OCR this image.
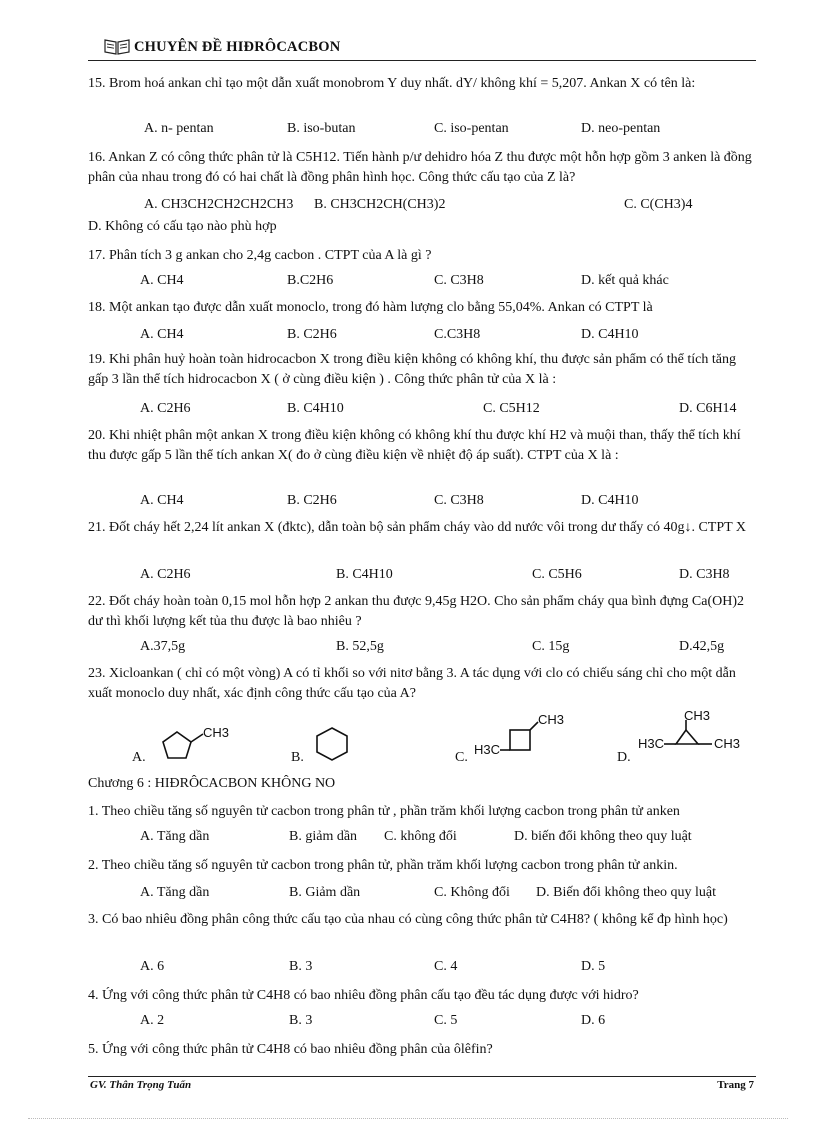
CHUYÊN ĐỀ HIĐRÔCACBON
15. Brom hoá ankan chỉ tạo một dẫn xuất monobrom Y duy nhất. dY/ không khí = 5,207. Ankan X có tên là:
A. n- pentan	B. iso-butan	C. iso-pentan	D. neo-pentan
16. Ankan Z có công thức phân tử là C5H12. Tiến hành p/ư dehidro hóa Z thu được một hỗn hợp gồm 3 anken là đồng phân của nhau trong đó có hai chất là đồng phân hình học. Công thức cấu tạo của Z là?
A. CH3CH2CH2CH2CH3 B. CH3CH2CH(CH3)2	C. C(CH3)4
D. Không có cấu tạo nào phù hợp
17. Phân tích 3 g ankan cho 2,4g cacbon . CTPT của A là gì ?
A. CH4	B.C2H6	C. C3H8	D. kết quả khác
18. Một ankan tạo được dẫn xuất monoclo, trong đó hàm lượng clo bằng 55,04%. Ankan có CTPT là
A. CH4	B. C2H6	C.C3H8	D. C4H10
19. Khi phân huỷ hoàn toàn hidrocacbon X trong điều kiện không có không khí, thu được sản phẩm có thể tích tăng gấp 3 lần thể tích hidrocacbon X ( ở cùng điều kiện ) . Công thức phân tử của X là :
A. C2H6	B. C4H10	C. C5H12	D. C6H14
20. Khi nhiệt phân một ankan X trong điều kiện không có không khí thu được khí H2 và muội than, thấy thể tích khí thu được gấp 5 lần thể tích ankan X( đo ở cùng điều kiện về nhiệt độ áp suất). CTPT của X là :
A. CH4	B. C2H6	C. C3H8	D. C4H10
21. Đốt cháy hết 2,24 lít ankan X (đktc), dẫn toàn bộ sản phẩm cháy vào dd nước vôi trong dư thấy có 40g↓. CTPT X
A. C2H6	B. C4H10	C. C5H6	D. C3H8
22. Đốt cháy hoàn toàn 0,15 mol hỗn hợp 2 ankan thu được 9,45g H2O. Cho sản phẩm cháy qua bình đựng Ca(OH)2 dư thì khối lượng kết tủa thu được là bao nhiêu ?
A.37,5g	B. 52,5g	C. 15g	D.42,5g
23. Xicloankan ( chỉ có một vòng) A có tỉ khối so với nitơ bằng 3. A tác dụng với clo có chiếu sáng chỉ cho một dẫn xuất monoclo duy nhất, xác định công thức cấu tạo của A?
A.
CH3
B.	C.
CH3
H3C
D.
CH3
H3C	CH3
Chương 6 : HIĐRÔCACBON KHÔNG NO
1. Theo chiều tăng số nguyên tử cacbon trong phân tử , phần trăm khối lượng cacbon trong phân tử anken
A. Tăng dần	B. giảm dần C. không đổi	D. biến đổi không theo quy luật
2. Theo chiều tăng số nguyên tử cacbon trong phân tử, phần trăm khối lượng cacbon trong phân tử ankin.
A. Tăng dần	B. Giảm dần	C. Không đổi D. Biến đổi không theo quy luật
3. Có bao nhiêu đồng phân công thức cấu tạo của nhau có cùng công thức phân tử C4H8? ( không kể đp hình học)
A. 6	B. 3	C. 4	D. 5
4. Ứng với công thức phân tử C4H8 có bao nhiêu đồng phân cấu tạo đều tác dụng được với hidro?
A. 2	B. 3	C. 5	D. 6
5. Ứng với công thức phân tử C4H8 có bao nhiêu đồng phân của ôlêfin?
GV. Thân Trọng Tuấn	Trang 7
